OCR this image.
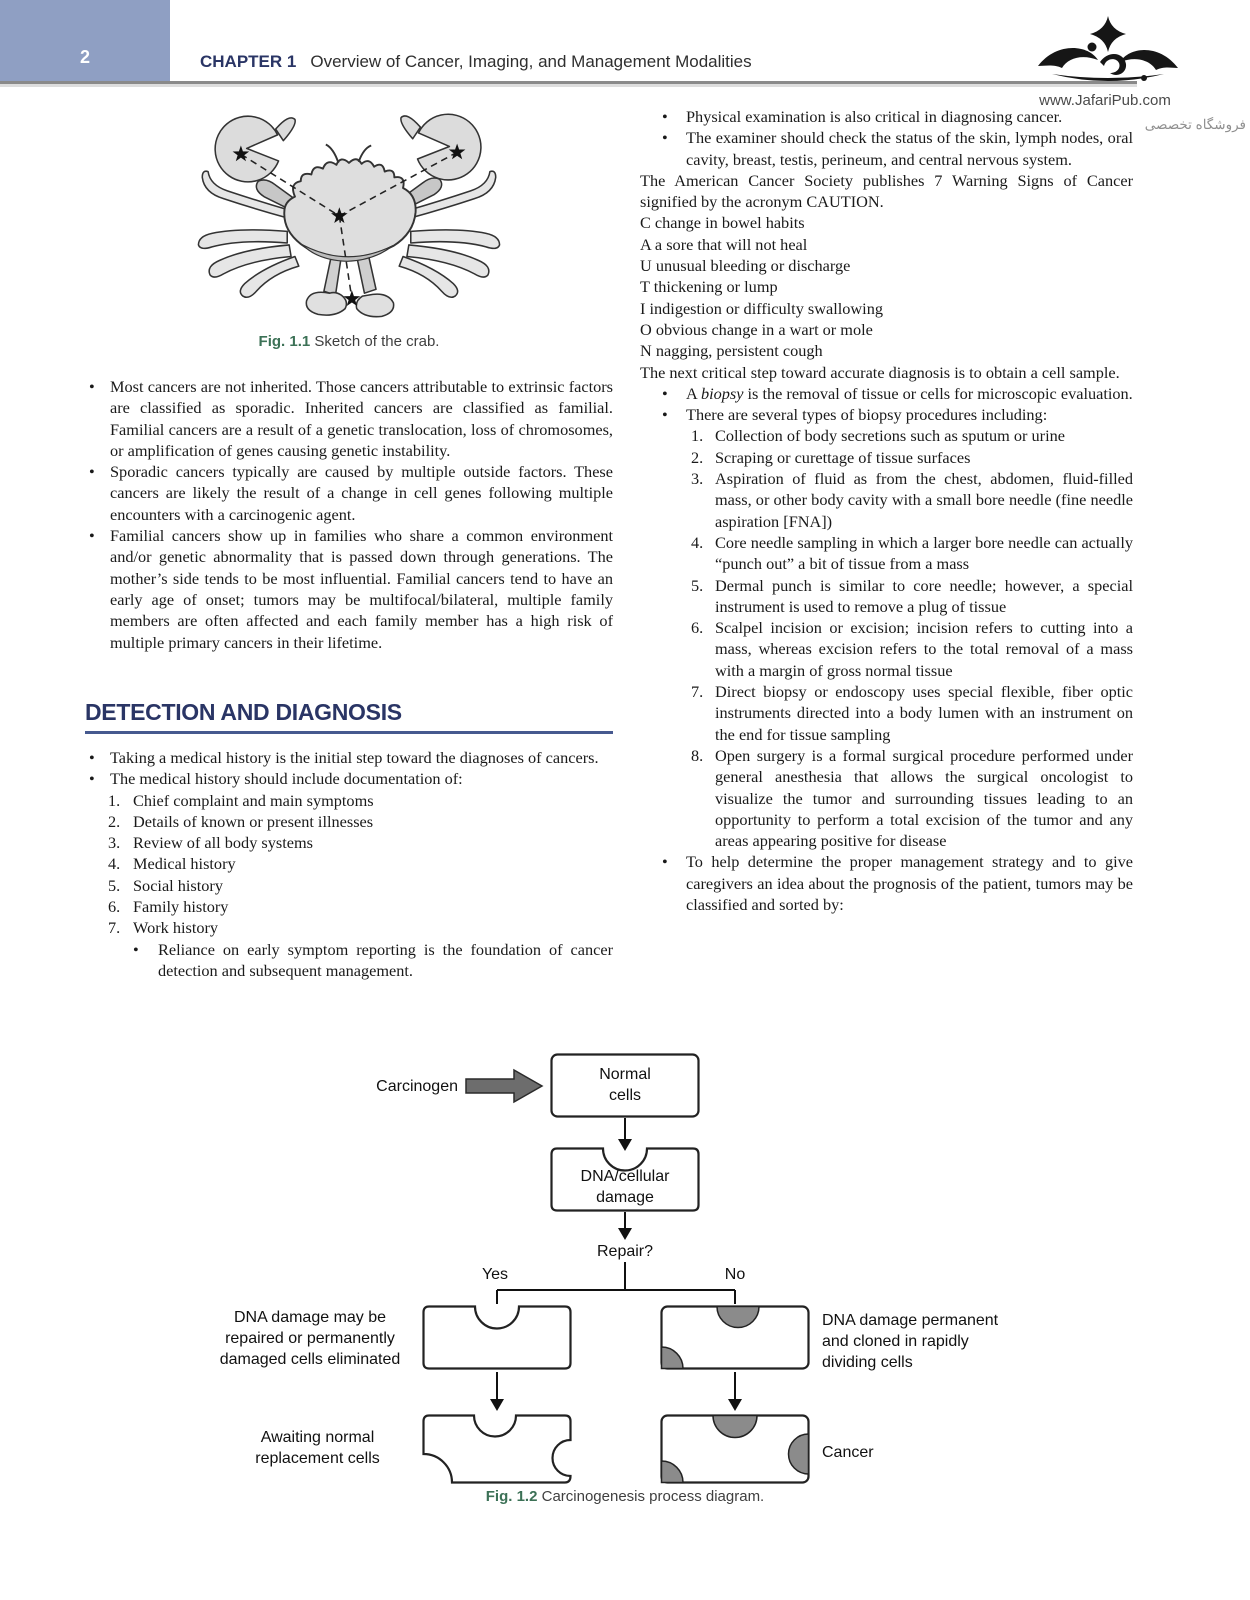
2	CHAPTER 1 Overview of Cancer, Imaging, and Management Modalities
www.JafariPub.com
فروشگاه تخصصی
Fig. 1.1 Sketch of the crab.
• Most cancers are not inherited. Those cancers attributable to extrinsic factors are classified as sporadic. Inherited cancers are classified as familial. Familial cancers are a result of a genetic translocation, loss of chromosomes, or amplification of genes causing genetic instability.
• Sporadic cancers typically are caused by multiple outside factors. These cancers are likely the result of a change in cell genes following multiple encounters with a carcinogenic agent.
• Familial cancers show up in families who share a common environment and/or genetic abnormality that is passed down through generations. The mother’s side tends to be most influential. Familial cancers tend to have an early age of onset; tumors may be multifocal/bilateral, multiple family members are often affected and each family member has a high risk of multiple primary cancers in their lifetime.
DETECTION AND DIAGNOSIS
• Taking a medical history is the initial step toward the diagnoses of cancers.
• The medical history should include documentation of:
1. Chief complaint and main symptoms
2. Details of known or present illnesses
3. Review of all body systems
4. Medical history
5. Social history
6. Family history
7. Work history
•	Reliance on early symptom reporting is the foundation of cancer detection and subsequent management.
•	Physical examination is also critical in diagnosing cancer.
•	The examiner should check the status of the skin, lymph nodes, oral cavity, breast, testis, perineum, and central nervous system.
The American Cancer Society publishes 7 Warning Signs of Cancer signified by the acronym CAUTION.
C change in bowel habits
A a sore that will not heal
U unusual bleeding or discharge
T thickening or lump
I indigestion or difficulty swallowing
O obvious change in a wart or mole
N nagging, persistent cough
The next critical step toward accurate diagnosis is to obtain a cell sample.
•	A biopsy is the removal of tissue or cells for microscopic evaluation.
•	There are several types of biopsy procedures including:
1. Collection of body secretions such as sputum or urine
2. Scraping or curettage of tissue surfaces
3. Aspiration of fluid as from the chest, abdomen, fluid-filled mass, or other body cavity with a small bore needle (fine needle aspiration [FNA])
4. Core needle sampling in which a larger bore needle can actually “punch out” a bit of tissue from a mass
5. Dermal punch is similar to core needle; however, a special instrument is used to remove a plug of tissue
6. Scalpel incision or excision; incision refers to cutting into a mass, whereas excision refers to the total removal of a mass with a margin of gross normal tissue
7. Direct biopsy or endoscopy uses special flexible, fiber optic instruments directed into a body lumen with an instrument on the end for tissue sampling
8. Open surgery is a formal surgical procedure performed under general anesthesia that allows the surgical oncologist to visualize the tumor and surrounding tissues leading to an opportunity to perform a total excision of the tumor and any areas appearing positive for disease
•	To help determine the proper management strategy and to give caregivers an idea about the prognosis of the patient, tumors may be classified and sorted by:
Carcinogen
Normal
cells
DNA/cellular
damage
Repair?
Yes	No
DNA damage may be
repaired or permanently
damaged cells eliminated
DNA damage permanent
and cloned in rapidly
dividing cells
Awaiting normal
replacement cells	Cancer
Fig. 1.2 Carcinogenesis process diagram.
